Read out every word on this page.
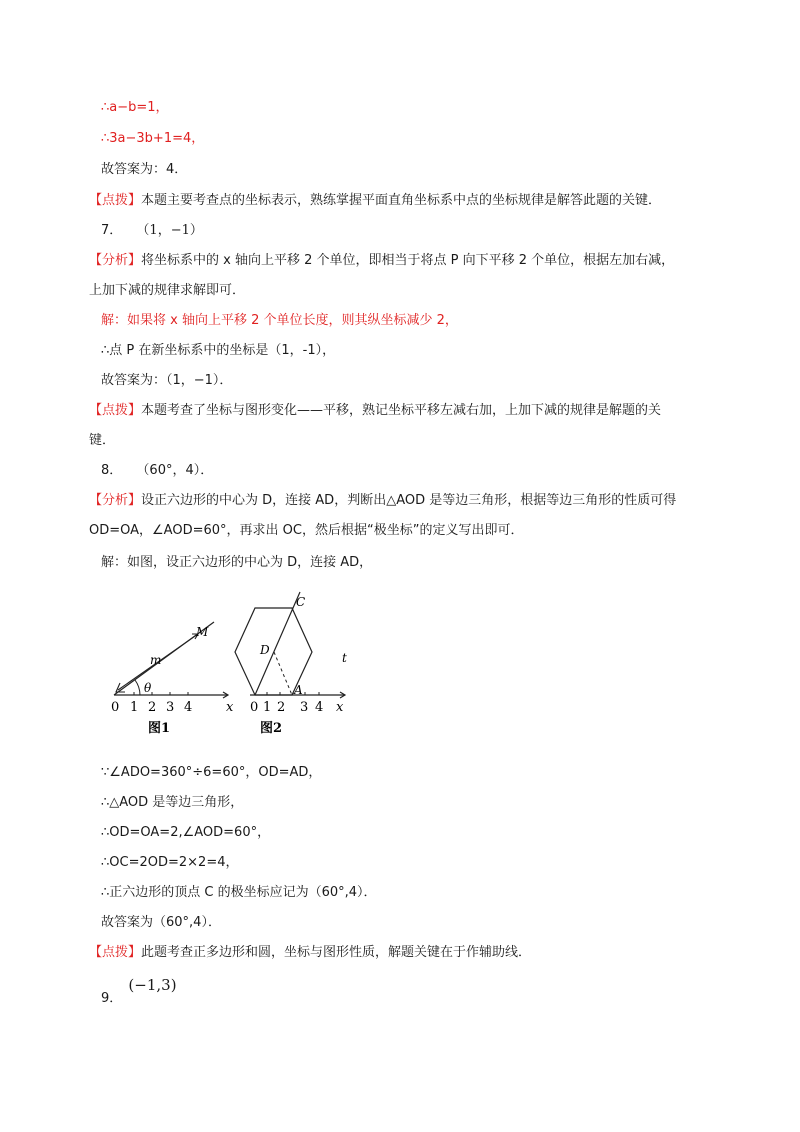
∴a−b=1，
∴3a−3b+1=4，
故答案为：4．
【点拨】本题主要考查点的坐标表示，熟练掌握平面直角坐标系中点的坐标规律是解答此题的关键．
7． （1，−1）
【分析】将坐标系中的 x 轴向上平移 2 个单位，即相当于将点 P 向下平移 2 个单位，根据左加右减，
上加下减的规律求解即可．
解：如果将 x 轴向上平移 2 个单位长度，则其纵坐标减少 2，
∴点 P 在新坐标系中的坐标是（1，-1），
故答案为：（1，−1）．
【点拨】本题考查了坐标与图形变化——平移，熟记坐标平移左减右加，上加下减的规律是解题的关
键．
8． （60°，4）．
【分析】设正六边形的中心为 D，连接 AD，判断出△AOD 是等边三角形，根据等边三角形的性质可得
OD=OA，∠AOD=60°，再求出 OC，然后根据“极坐标”的定义写出即可．
解：如图，设正六边形的中心为 D，连接 AD，
0 1 2 3 4	x
m
M
θ
图1
0 1 2 3 4 x
C
D
A
t
图2
∵∠ADO=360°÷6=60°，OD=AD，
∴△AOD 是等边三角形，
∴OD=OA=2,∠AOD=60°，
∴OC=2OD=2×2=4，
∴正六边形的顶点 C 的极坐标应记为（60°,4）．
故答案为（60°,4）．
【点拨】此题考查正多边形和圆，坐标与图形性质，解题关键在于作辅助线．
9． (−1,3)
